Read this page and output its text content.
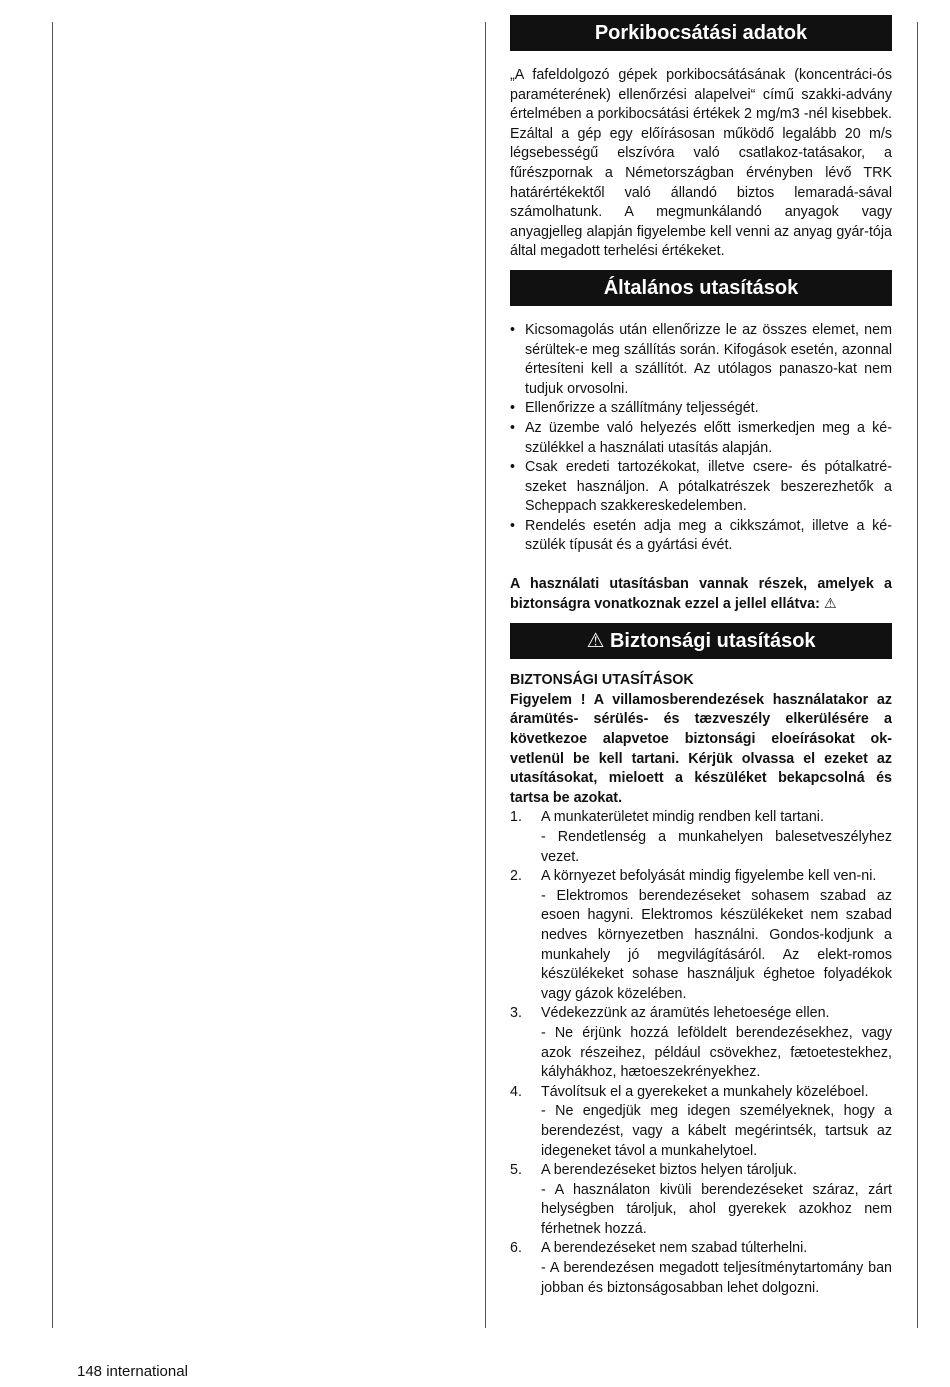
Porkibocsátási adatok

„A fafeldolgozó gépek porkibocsátásának (koncentráci-ós paraméterének) ellenőrzési alapelvei“ című szakki-advány értelmében a porkibocsátási értékek 2 mg/m3 -nél kisebbek. Ezáltal a gép egy előírásosan működő legalább 20 m/s légsebességű elszívóra való csatlakoz-tatásakor, a fűrészpornak a Németországban érvényben lévő TRK határértékektől való állandó biztos lemaradá-sával számolhatunk. A megmunkálandó anyagok vagy anyagjelleg alapján figyelembe kell venni az anyag gyár-tója által megadott terhelési értékeket.

Általános utasítások
• Kicsomagolás után ellenőrizze le az összes elemet, nem sérültek-e meg szállítás során. Kifogások esetén, azonnal értesíteni kell a szállítót. Az utólagos panaszo-kat nem tudjuk orvosolni.
• Ellenőrizze a szállítmány teljességét.
• Az üzembe való helyezés előtt ismerkedjen meg a ké-szülékkel a használati utasítás alapján.
• Csak eredeti tartozékokat, illetve csere- és pótalkatré-szeket használjon. A pótalkatrészek beszerezhetők a Scheppach szakkereskedelemben.
• Rendelés esetén adja meg a cikkszámot, illetve a ké-szülék típusát és a gyártási évét.

A használati utasításban vannak részek, amelyek a biztonságra vonatkoznak ezzel a jellel ellátva: ⚠

⚠ Biztonsági utasítások
BIZTONSÁGI UTASÍTÁSOK

Figyelem ! A villamosberendezések használatakor az áramütés- sérülés- és tæzveszély elkerülésére a következoe alapvetoe biztonsági eloeírásokat ok-vetlenül be kell tartani. Kérjük olvassa el ezeket az utasításokat, mieloett a készüléket bekapcsolná és tartsa be azokat.

1. A munkaterületet mindig rendben kell tartani.
- Rendetlenség a munkahelyen balesetveszélyhez vezet.
2. A környezet befolyását mindig figyelembe kell ven-ni.
- Elektromos berendezéseket sohasem szabad az esoen hagyni. Elektromos készülékeket nem szabad nedves környezetben használni. Gondos-kodjunk a munkahely jó megvilágításáról. Az elekt-romos készülékeket sohase használjuk éghetoe folyadékok vagy gázok közelében.
3. Védekezzünk az áramütés lehetoesége ellen.
- Ne érjünk hozzá leföldelt berendezésekhez, vagy azok részeihez, például csövekhez, fætoetestekhez, kályhákhoz, hætoeszekrényekhez.
4. Távolítsuk el a gyerekeket a munkahely közeléboel.
- Ne engedjük meg idegen személyeknek, hogy a berendezést, vagy a kábelt megérintsék, tartsuk az idegeneket távol a munkahelytoel.
5. A berendezéseket biztos helyen tároljuk.
- A használaton kivüli berendezéseket száraz, zárt helységben tároljuk, ahol gyerekek azokhoz nem férhetnek hozzá.
6. A berendezéseket nem szabad túlterhelni.
- A berendezésen megadott teljesítménytartomány ban jobban és biztonságosabban lehet dolgozni.
148 international
